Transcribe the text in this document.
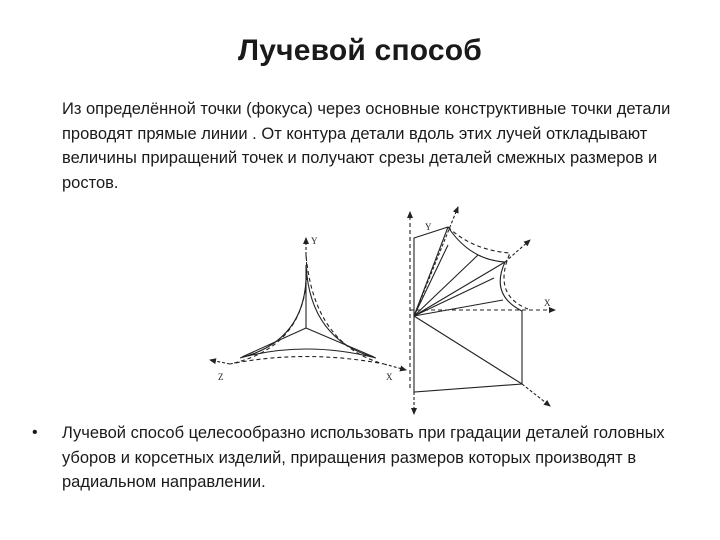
Лучевой способ
Из определённой точки (фокуса) через основные конструктивные точки детали проводят прямые линии . От контура детали вдоль этих лучей откладывают величины приращений точек и получают срезы деталей смежных размеров и ростов.
Y
Z	X
Y
X
• Лучевой способ целесообразно использовать при градации деталей головных уборов и корсетных изделий, приращения размеров которых производят в радиальном направлении.
